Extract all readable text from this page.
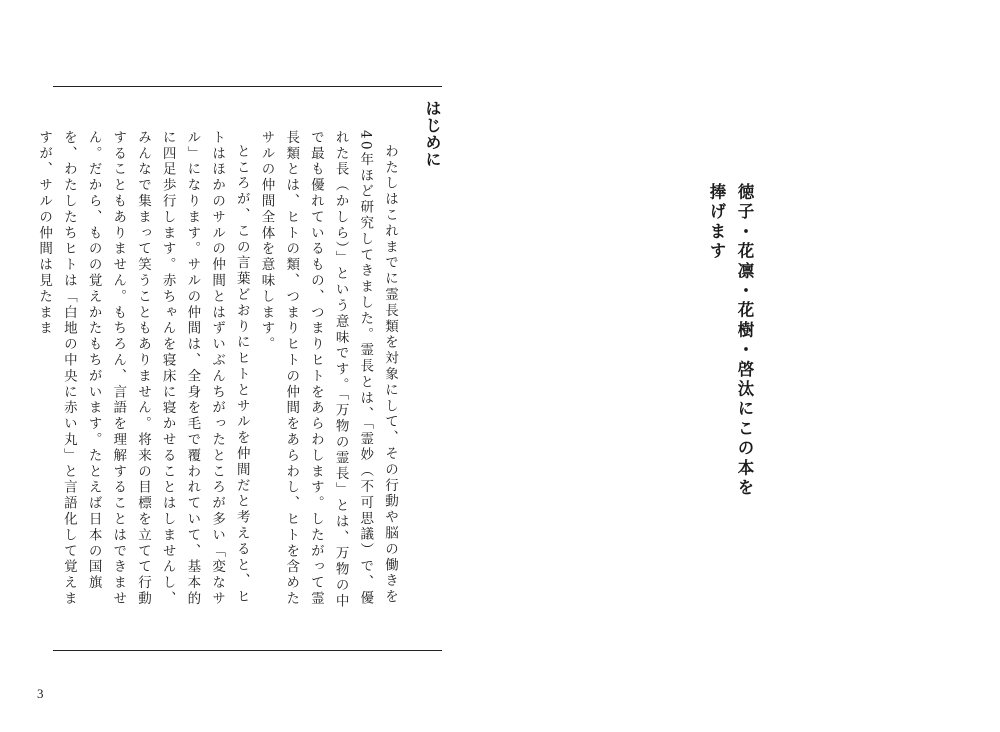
はじめに

わたしはこれまでに霊長類を対象にして、その行動や脳の働きを40年ほど研究してきました。霊長とは、「霊妙（不可思議）で、優れた長（かしら）」という意味です。「万物の霊長」とは、万物の中で最も優れているもの、つまりヒトをあらわします。したがって霊長類とは、ヒトの類、つまりヒトの仲間をあらわし、ヒトを含めたサルの仲間全体を意味します。

ところが、この言葉どおりにヒトとサルを仲間だと考えると、ヒトはほかのサルの仲間とはずいぶんちがったところが多い「変なサル」になります。サルの仲間は、全身を毛で覆われていて、基本的に四足歩行します。赤ちゃんを寝床に寝かせることはしませんし、みんなで集まって笑うこともありません。将来の目標を立てて行動することもありません。もちろん、言語を理解することはできません。だから、ものの覚えかたもちがいます。たとえば日本の国旗を、わたしたちヒトは「白地の中央に赤い丸」と言語化して覚えますが、サルの仲間は見たまま

3
徳子・花凛・花樹・啓汰にこの本を捧げます
